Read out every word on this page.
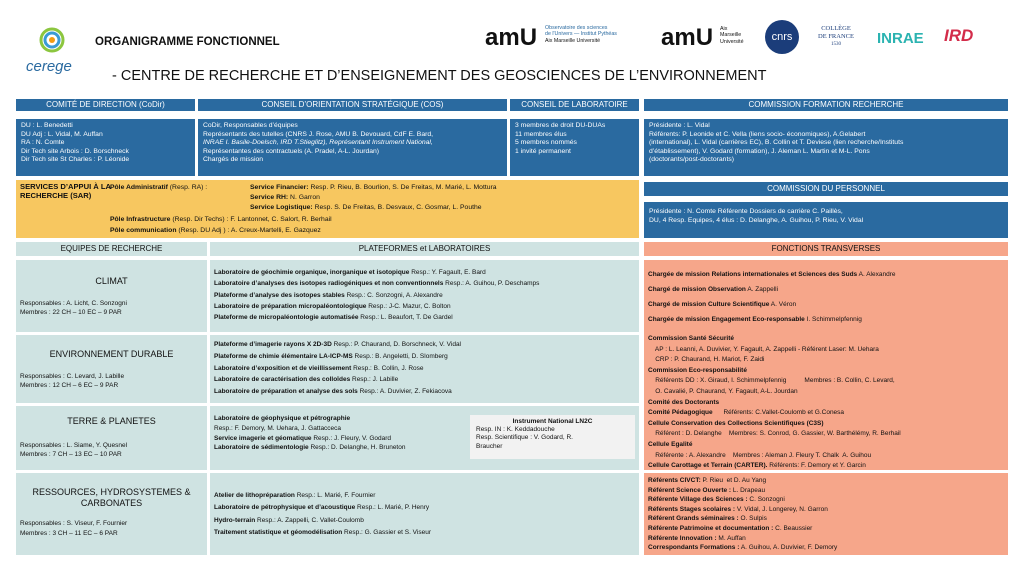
cerege
ORGANIGRAMME FONCTIONNEL
- CENTRE DE RECHERCHE ET D’ENSEIGNEMENT DES GEOSCIENCES DE L’ENVIRONNEMENT
amU Observatoire des sciences
de l'Univers — Institut Pythéas
Aix Marseille Université	amU Aix
Marseille
Université	cnrs
COLLÈGE
DE FRANCE
1530	INRAE IRD
COMITÉ DE DIRECTION (CoDir)
DU : L. Benedetti
DU Adj : L. Vidal, M. Auffan
RA : N. Comte
Dir Tech site Arbois : D. Borschneck
Dir Tech site St Charles : P. Léonide
CONSEIL D’ORIENTATION STRATÉGIQUE (COS)
CoDir, Responsables d’équipes
Représentants des tutelles (CNRS J. Rose, AMU B. Devouard, CdF E. Bard,
INRAE I. Basile-Doelsch, IRD T.Stieglitz), Représentant Instrument National,
Représentantes des contractuels (A. Pradel, A-L. Jourdan)
Chargés de mission
CONSEIL DE LABORATOIRE
3 membres de droit DU-DUAs
11 membres élus
5 membres nommés
1 invité permanent
COMMISSION FORMATION RECHERCHE
Présidente : L. Vidal
Référents: P. Leonide et C. Vella (liens socio- économiques), A.Gelabert
(international), L. Vidal (carrières EC), B. Collin et T. Deviese (lien recherche/Instituts
d’établissement), V. Godard (formation), J. Aleman L. Martin et M-L. Pons
(doctorants/post-doctorants)
SERVICES D’APPUI À LA RECHERCHE (SAR)
Pôle Administratif (Resp. RA) :	Service Financier: Resp. P. Rieu, B. Bourlion, S. De Freitas, M. Marié, L. Mottura
Service RH: N. Garron
Service Logistique: Resp. S. De Freitas, B. Desvaux, C. Gosmar, L. Pouthe
Pôle Infrastructure (Resp. Dir Techs) : F. Lantonnet, C. Salort, R. Berhail
Pôle communication (Resp. DU Adj ) : A. Creux-Martelli, E. Gazquez
COMMISSION DU PERSONNEL
Présidente : N. Comte Référente Dossiers de carrière C. Paillès,
DU, 4 Resp. Equipes, 4 élus : D. Delanghe, A. Guihou, P. Rieu, V. Vidal
EQUIPES DE RECHERCHE	PLATEFORMES et LABORATOIRES	FONCTIONS TRANSVERSES
CLIMAT
Responsables : A. Licht, C. Sonzogni
Membres : 22 CH – 10 EC – 9 PAR
ENVIRONNEMENT DURABLE
Responsables : C. Levard, J. Labille
Membres : 12 CH – 6 EC – 9 PAR
TERRE & PLANETES
Responsables : L. Siame, Y. Quesnel
Membres : 7 CH – 13 EC – 10 PAR
RESSOURCES, HYDROSYSTEMES &
CARBONATES
Responsables : S. Viseur, F. Fournier
Membres : 3 CH – 11 EC – 6 PAR
Laboratoire de géochimie organique, inorganique et isotopique Resp.: Y. Fagault, E. Bard
Laboratoire d’analyses des isotopes radiogéniques et non conventionnels Resp.: A. Guihou, P. Deschamps
Plateforme d’analyse des isotopes stables Resp.: C. Sonzogni, A. Alexandre
Laboratoire de préparation micropaléontologique Resp.: J-C. Mazur, C. Bolton
Plateforme de micropaléontologie automatisée Resp.: L. Beaufort, T. De Gardel
Plateforme d’imagerie rayons X 2D-3D Resp.: P. Chaurand, D. Borschneck, V. Vidal
Plateforme de chimie élémentaire LA-ICP-MS Resp.: B. Angeletti, D. Slomberg
Laboratoire d’exposition et de vieillissement Resp.: B. Collin, J. Rose
Laboratoire de caractérisation des colloïdes Resp.: J. Labille
Laboratoire de préparation et analyse des sols Resp.: A. Duvivier, Z. Fekiacova
Laboratoire de géophysique et pétrographie
Resp.: F. Demory, M. Uehara, J. Gattacceca
Service imagerie et géomatique Resp.: J. Fleury, V. Godard
Laboratoire de sédimentologie Resp.: D. Delanghe, H. Bruneton
Atelier de lithopréparation Resp.: L. Marié, F. Fournier
Laboratoire de pétrophysique et d’acoustique Resp.: L. Marié, P. Henry
Hydro-terrain Resp.: A. Zappelli, C. Vallet-Coulomb
Traitement statistique et géomodélisation Resp.: G. Gassier et S. Viseur
Instrument National LN2C
Resp. IN : K. Keddadouche
Resp. Scientifique : V. Godard, R.
Braucher
Chargée de mission Relations internationales et Sciences des Suds A. Alexandre
Chargé de mission Observation A. Zappelli
Chargé de mission Culture Scientifique A. Véron
Chargée de mission Engagement Eco-responsable I. Schimmelpfennig
Commission Santé Sécurité
AP : L. Leanni, A. Duvivier, Y. Fagault, A. Zappelli - Référent Laser: M. Uehara
CRP : P. Chaurand, H. Mariot, F. Zaidi
Commission Eco-responsabilité
Référents DD : X. Giraud, I. Schimmelpfennig          Membres : B. Collin, C. Levard,
O. Cavalié, P. Chaurand, Y. Fagault, A-L. Jourdan
Comité des Doctorants
Comité Pédagogique      Référents: C.Vallet-Coulomb et G.Conesa
Cellule Conservation des Collections Scientifiques (C3S)
Référent : D. Delanghe    Membres: S. Conrod, G. Gassier, W. Barthélémy, R. Berhail
Cellule Egalité
Référente : A. Alexandre    Membres : Aleman J. Fleury T. Chalk  A. Guihou
Cellule Carottage et Terrain (CARTER). Référents: F. Demory et Y. Garcin
Référents CIVCT: P. Rieu  et D. Au Yang
Référent Science Ouverte : L. Drapeau
Référente Village des Sciences : C. Sonzogni
Référents Stages scolaires : V. Vidal, J. Longerey, N. Garron
Référent Grands séminaires : O. Sulpis
Référente Patrimoine et documentation : C. Beaussier
Référente Innovation : M. Auffan
Correspondants Formations : A. Guihou, A. Duvivier, F. Demory
